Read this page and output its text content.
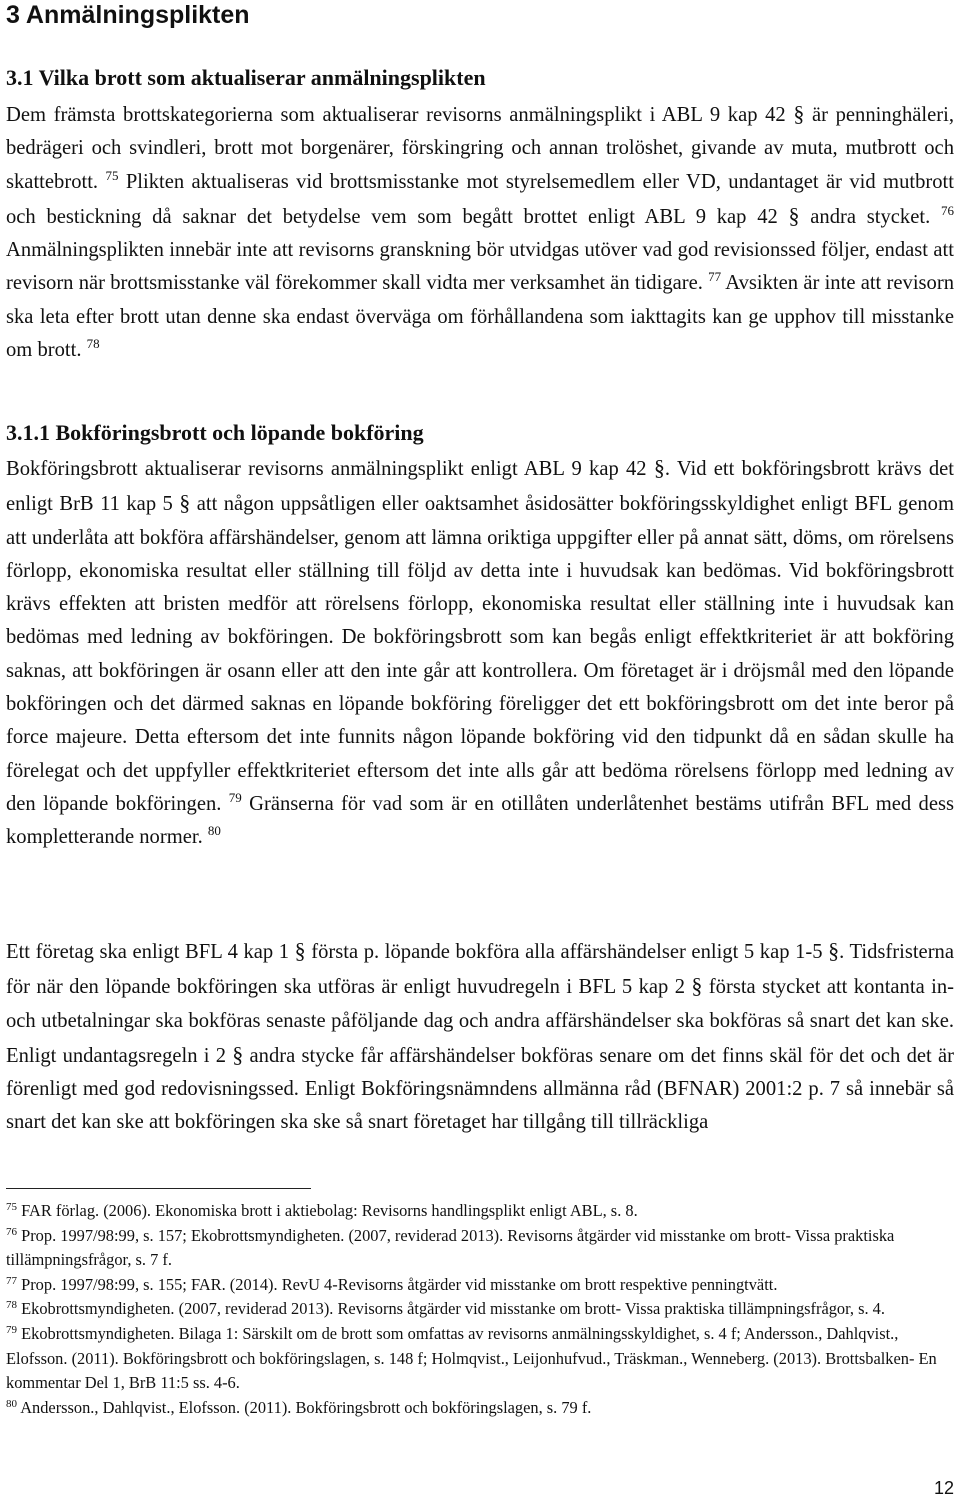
3 Anmälningsplikten
3.1 Vilka brott som aktualiserar anmälningsplikten

Dem främsta brottskategorierna som aktualiserar revisorns anmälningsplikt i ABL 9 kap 42 § är penninghäleri, bedrägeri och svindleri, brott mot borgenärer, förskingring och annan trolöshet, givande av muta, mutbrott och skattebrott. $^{75}$ Plikten aktualiseras vid brottsmisstanke mot styrelsemedlem eller VD, undantaget är vid mutbrott och bestickning då saknar det betydelse vem som begått brottet enligt ABL 9 kap 42 § andra stycket. $^{76}$ Anmälningsplikten innebär inte att revisorns granskning bör utvidgas utöver vad god revisionssed följer, endast att revisorn när brottsmisstanke väl förekommer skall vidta mer verksamhet än tidigare. $^{77}$ Avsikten är inte att revisorn ska leta efter brott utan denne ska endast överväga om förhållandena som iakttagits kan ge upphov till misstanke om brott. $^{78}$

3.1.1 Bokföringsbrott och löpande bokföring

Bokföringsbrott aktualiserar revisorns anmälningsplikt enligt ABL 9 kap 42 §. Vid ett bokföringsbrott krävs det enligt BrB 11 kap 5 § att någon uppsåtligen eller oaktsamhet åsidosätter bokföringsskyldighet enligt BFL genom att underlåta att bokföra affärshändelser, genom att lämna oriktiga uppgifter eller på annat sätt, döms, om rörelsens förlopp, ekonomiska resultat eller ställning till följd av detta inte i huvudsak kan bedömas. Vid bokföringsbrott krävs effekten att bristen medför att rörelsens förlopp, ekonomiska resultat eller ställning inte i huvudsak kan bedömas med ledning av bokföringen. De bokföringsbrott som kan begås enligt effektkriteriet är att bokföring saknas, att bokföringen är osann eller att den inte går att kontrollera. Om företaget är i dröjsmål med den löpande bokföringen och det därmed saknas en löpande bokföring föreligger det ett bokföringsbrott om det inte beror på force majeure. Detta eftersom det inte funnits någon löpande bokföring vid den tidpunkt då en sådan skulle ha förelegat och det uppfyller effektkriteriet eftersom det inte alls går att bedöma rörelsens förlopp med ledning av den löpande bokföringen. $^{79}$ Gränserna för vad som är en otillåten underlåtenhet bestäms utifrån BFL med dess kompletterande normer. $^{80}$

Ett företag ska enligt BFL 4 kap 1 § första p. löpande bokföra alla affärshändelser enligt 5 kap 1-5 §. Tidsfristerna för när den löpande bokföringen ska utföras är enligt huvudregeln i BFL 5 kap 2 § första stycket att kontanta in- och utbetalningar ska bokföras senaste påföljande dag och andra affärshändelser ska bokföras så snart det kan ske. Enligt undantagsregeln i 2 § andra stycke får affärshändelser bokföras senare om det finns skäl för det och det är förenligt med god redovisningssed. Enligt Bokföringsnämndens allmänna råd (BFNAR) 2001:2 p. 7 så innebär så snart det kan ske att bokföringen ska ske så snart företaget har tillgång till tillräckliga

$^{75}$ FAR förlag. (2006). Ekonomiska brott i aktiebolag: Revisorns handlingsplikt enligt ABL, s. 8.
$^{76}$ Prop. 1997/98:99, s. 157; Ekobrottsmyndigheten. (2007, reviderad 2013). Revisorns åtgärder vid misstanke om brott- Vissa praktiska tillämpningsfrågor, s. 7 f.
$^{77}$ Prop. 1997/98:99, s. 155; FAR. (2014). RevU 4-Revisorns åtgärder vid misstanke om brott respektive penningtvätt.
$^{78}$ Ekobrottsmyndigheten. (2007, reviderad 2013). Revisorns åtgärder vid misstanke om brott- Vissa praktiska tillämpningsfrågor, s. 4.
$^{79}$ Ekobrottsmyndigheten. Bilaga 1: Särskilt om de brott som omfattas av revisorns anmälningsskyldighet, s. 4 f; Andersson., Dahlqvist., Elofsson. (2011). Bokföringsbrott och bokföringslagen, s. 148 f; Holmqvist., Leijonhufvud., Träskman., Wenneberg. (2013). Brottsbalken- En kommentar Del 1, BrB 11:5 ss. 4-6.
$^{80}$ Andersson., Dahlqvist., Elofsson. (2011). Bokföringsbrott och bokföringslagen, s. 79 f.
12
